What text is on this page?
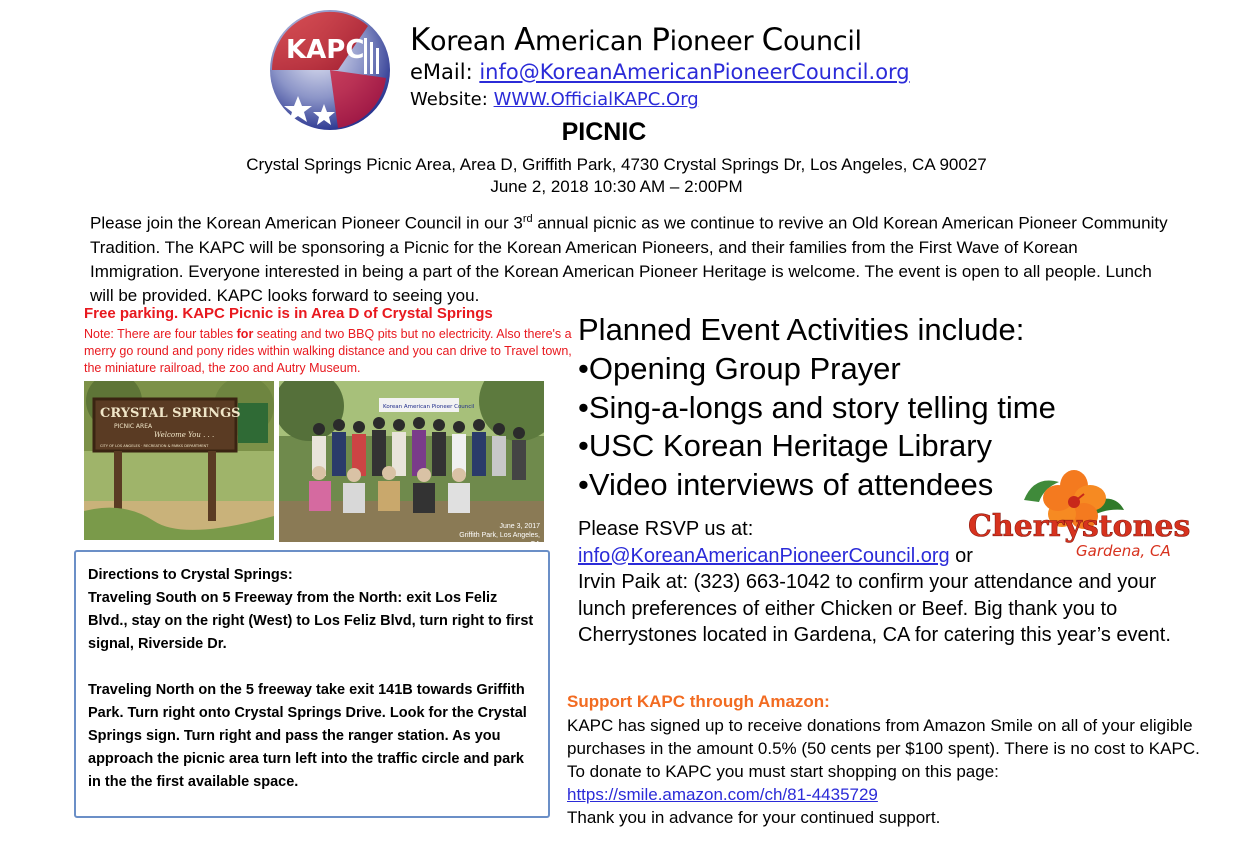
KAPC Korean American Pioneer Council
eMail: info@KoreanAmericanPioneerCouncil.org
Website: WWW.OfficialKAPC.Org
PICNIC
Crystal Springs Picnic Area, Area D, Griffith Park, 4730 Crystal Springs Dr, Los Angeles, CA 90027
June 2, 2018 10:30 AM – 2:00PM
Please join the Korean American Pioneer Council in our 3rd annual picnic as we continue to revive an Old Korean American Pioneer Community Tradition. The KAPC will be sponsoring a Picnic for the Korean American Pioneers, and their families from the First Wave of Korean Immigration. Everyone interested in being a part of the Korean American Pioneer Heritage is welcome. The event is open to all people. Lunch will be provided. KAPC looks forward to seeing you.
Free parking. KAPC Picnic is in Area D of Crystal Springs
Note: There are four tables for seating and two BBQ pits but no electricity. Also there's a merry go round and pony rides within walking distance and you can drive to Travel town, the miniature railroad, the zoo and Autry Museum.
CRYSTAL SPRINGS
PICNIC AREA
Welcome You . . .
CITY OF LOS ANGELES · RECREATION & PARKS DEPARTMENT
Korean American Pioneer Council
June 3, 2017
Griffith Park, Los Angeles, CA

Directions to Crystal Springs:

Traveling South on 5 Freeway from the North: exit Los Feliz Blvd., stay on the right (West) to Los Feliz Blvd, turn right to first signal, Riverside Dr.

Traveling North on the 5 freeway take exit 141B towards Griffith Park. Turn right onto Crystal Springs Drive. Look for the Crystal Springs sign. Turn right and pass the ranger station. As you approach the picnic area turn left into the traffic circle and park in the the first available space.

Planned Event Activities include:
•Opening Group Prayer
•Sing-a-longs and story telling time
•USC Korean Heritage Library
•Video interviews of attendees
Cherrystones
Gardena, CA
Please RSVP us at:
info@KoreanAmericanPioneerCouncil.org or
Irvin Paik at: (323) 663-1042 to confirm your attendance and your lunch preferences of either Chicken or Beef. Big thank you to Cherrystones located in Gardena, CA for catering this year’s event.
Support KAPC through Amazon:
KAPC has signed up to receive donations from Amazon Smile on all of your eligible purchases in the amount 0.5% (50 cents per $100 spent). There is no cost to KAPC. To donate to KAPC you must start shopping on this page: https://smile.amazon.com/ch/81-4435729
Thank you in advance for your continued support.
